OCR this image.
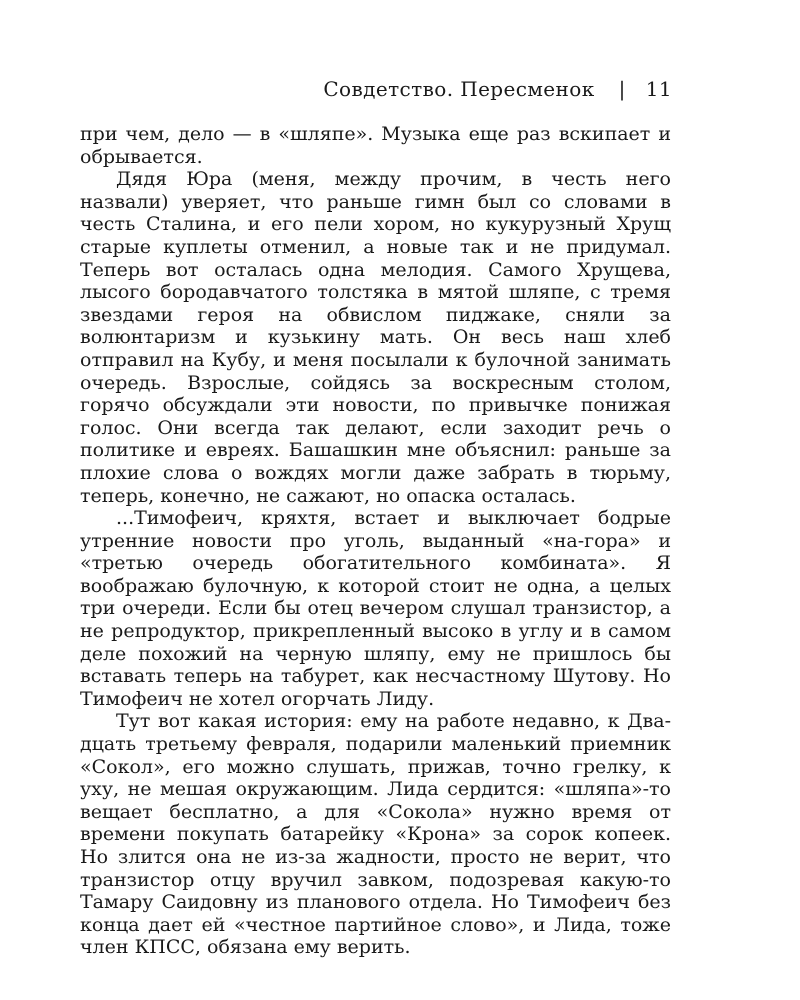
Совдетство. Пересменок | 11

при чем, дело — в «шляпе». Музыка еще раз вскипает и обрывается.

Дядя Юра (меня, между прочим, в честь него назвали) уверяет, что раньше гимн был со словами в честь Сталина, и его пели хором, но кукурузный Хрущ старые куплеты отменил, а новые так и не придумал. Теперь вот осталась одна мелодия. Самого Хрущева, лысого бородавчатого толстяка в мятой шляпе, с тремя звездами героя на обвислом пиджаке, сняли за волюнтаризм и кузькину мать. Он весь наш хлеб отправил на Кубу, и меня посылали к булочной занимать очередь. Взрослые, сойдясь за воскресным столом, горячо обсуждали эти новости, по привычке понижая голос. Они всегда так делают, если заходит речь о политике и евреях. Башашкин мне объяснил: раньше за плохие слова о вождях могли даже забрать в тюрьму, теперь, конечно, не сажают, но опаска осталась.

...Тимофеич, кряхтя, встает и выключает бодрые утренние новости про уголь, выданный «на-гора» и «третью очередь обогатительного комбината». Я воображаю булочную, к которой стоит не одна, а целых три очереди. Если бы отец вечером слушал транзистор, а не репродуктор, прикрепленный высоко в углу и в самом деле похожий на черную шляпу, ему не пришлось бы вставать теперь на табурет, как несчастному Шутову. Но Тимофеич не хотел огорчать Лиду.

Тут вот какая история: ему на работе недавно, к Двадцать третьему февраля, подарили маленький приемник «Сокол», его можно слушать, прижав, точно грелку, к уху, не мешая окружающим. Лида сердится: «шляпа»-то вещает бесплатно, а для «Сокола» нужно время от времени покупать батарейку «Крона» за сорок копеек. Но злится она не из-за жадности, просто не верит, что транзистор отцу вручил завком, подозревая какую-то Тамару Саидовну из планового отдела. Но Тимофеич без конца дает ей «честное партийное слово», и Лида, тоже член КПСС, обязана ему верить.
